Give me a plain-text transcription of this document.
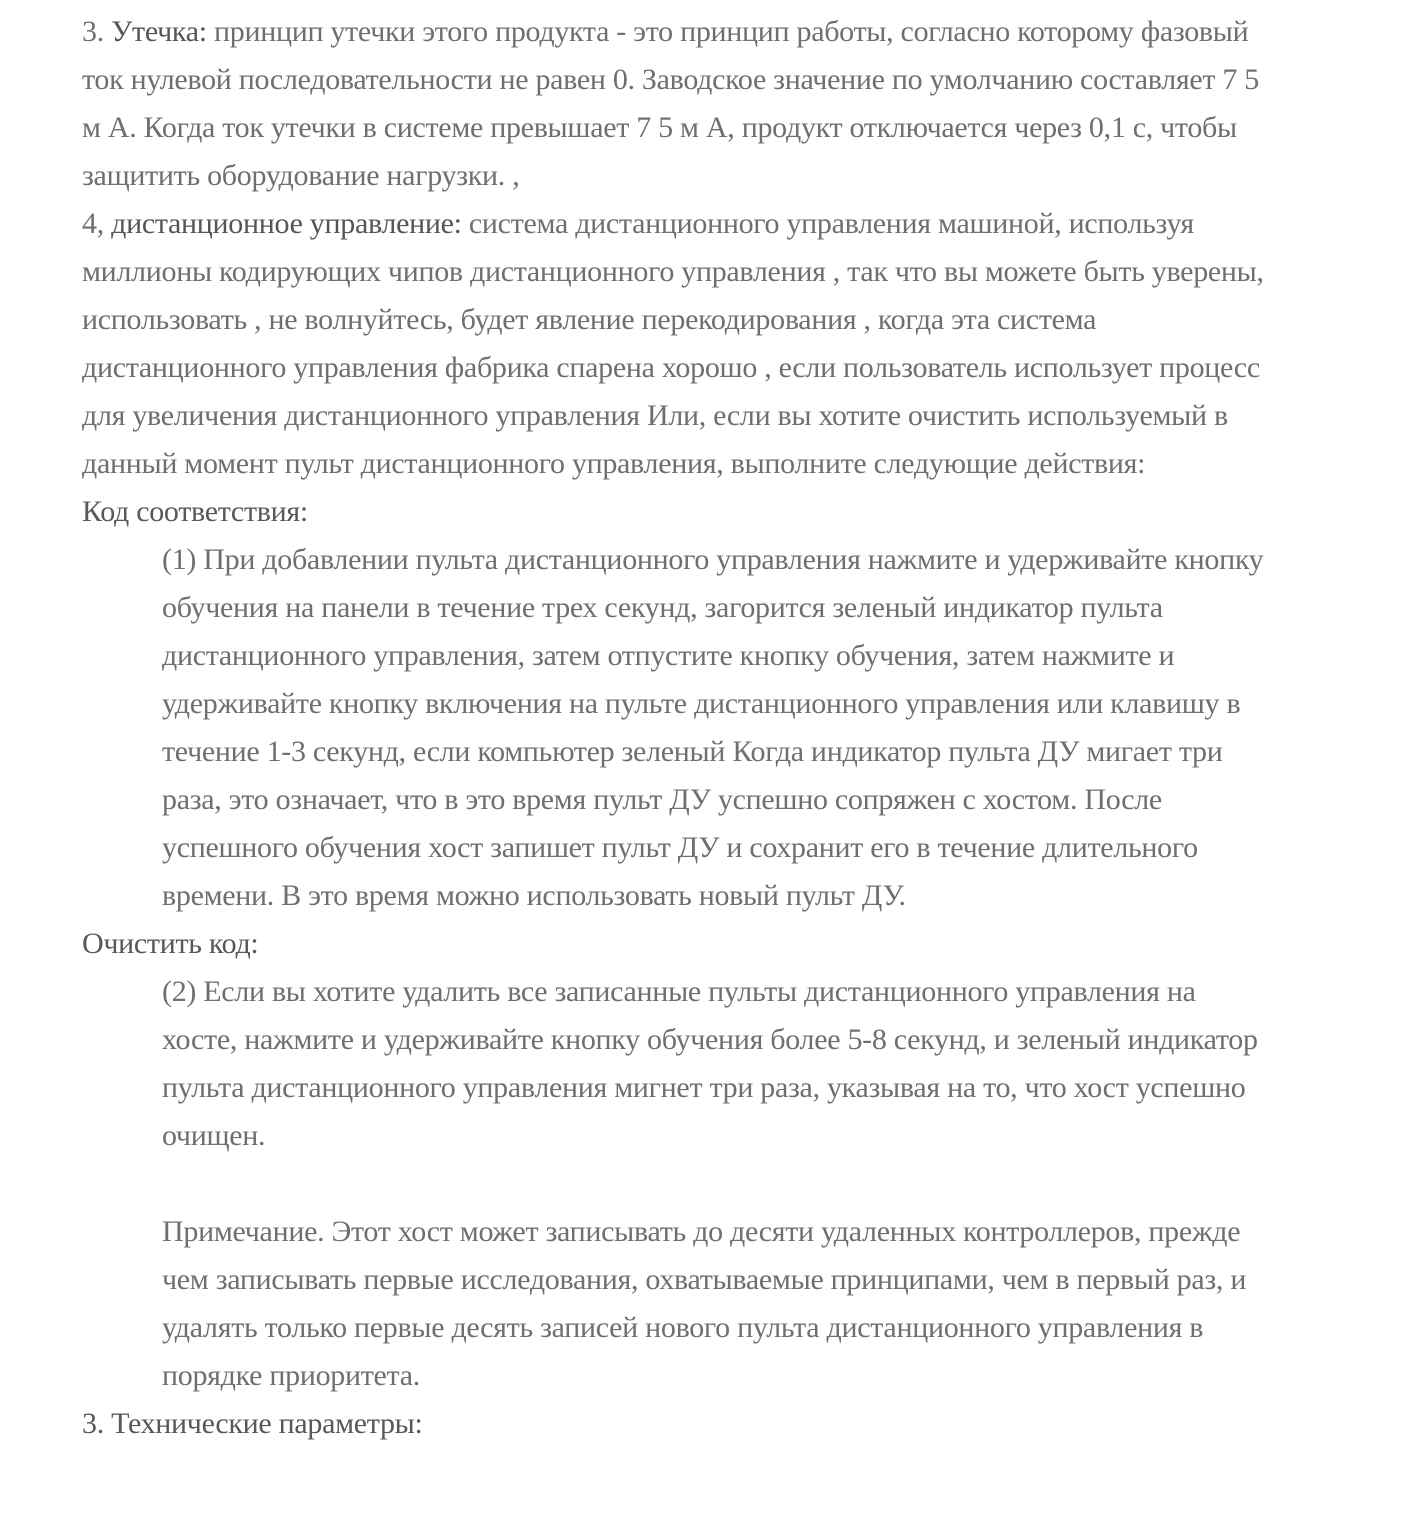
3. Утечка: принцип утечки этого продукта - это принцип работы, согласно которому фазовый ток нулевой последовательности не равен 0. Заводское значение по умолчанию составляет 7 5 м A. Когда ток утечки в системе превышает 7 5 м A, продукт отключается через 0,1 с, чтобы защитить оборудование нагрузки. ,

4, дистанционное управление: система дистанционного управления машиной, используя миллионы кодирующих чипов дистанционного управления , так что вы можете быть уверены, использовать , не волнуйтесь, будет явление перекодирования , когда эта система дистанционного управления фабрика спарена хорошо , если пользователь использует процесс для увеличения дистанционного управления Или, если вы хотите очистить используемый в данный момент пульт дистанционного управления, выполните следующие действия:

Код соответствия:

(1) При добавлении пульта дистанционного управления нажмите и удерживайте кнопку обучения на панели в течение трех секунд, загорится зеленый индикатор пульта дистанционного управления, затем отпустите кнопку обучения, затем нажмите и удерживайте кнопку включения на пульте дистанционного управления или клавишу в течение 1-3 секунд, если компьютер зеленый Когда индикатор пульта ДУ мигает три раза, это означает, что в это время пульт ДУ успешно сопряжен с хостом. После успешного обучения хост запишет пульт ДУ и сохранит его в течение длительного времени. В это время можно использовать новый пульт ДУ.

Очистить код:

(2) Если вы хотите удалить все записанные пульты дистанционного управления на хосте, нажмите и удерживайте кнопку обучения более 5-8 секунд, и зеленый индикатор пульта дистанционного управления мигнет три раза, указывая на то, что хост успешно очищен.

Примечание. Этот хост может записывать до десяти удаленных контроллеров, прежде чем записывать первые исследования, охватываемые принципами, чем в первый раз, и удалять только первые десять записей нового пульта дистанционного управления в порядке приоритета.

3. Технические параметры:
